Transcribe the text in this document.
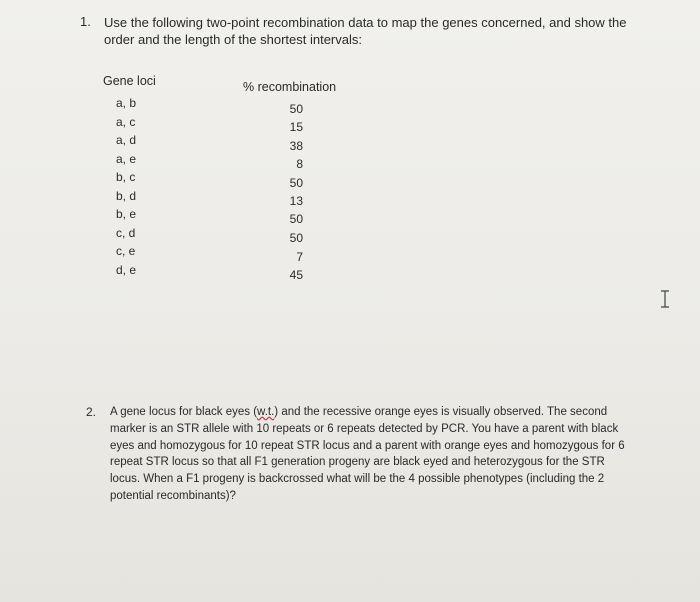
1. Use the following two-point recombination data to map the genes concerned, and show the order and the length of the shortest intervals:
Gene loci	% recombination
a, b	50
a, c	15
a, d	38
a, e	8
b, c	50
b, d	13
b, e	50
c, d	50
c, e	7
d, e	45
2. A gene locus for black eyes (w.t.) and the recessive orange eyes is visually observed. The second marker is an STR allele with 10 repeats or 6 repeats detected by PCR. You have a parent with black eyes and homozygous for 10 repeat STR locus and a parent with orange eyes and homozygous for 6 repeat STR locus so that all F1 generation progeny are black eyed and heterozygous for the STR locus. When a F1 progeny is backcrossed what will be the 4 possible phenotypes (including the 2 potential recombinants)?
